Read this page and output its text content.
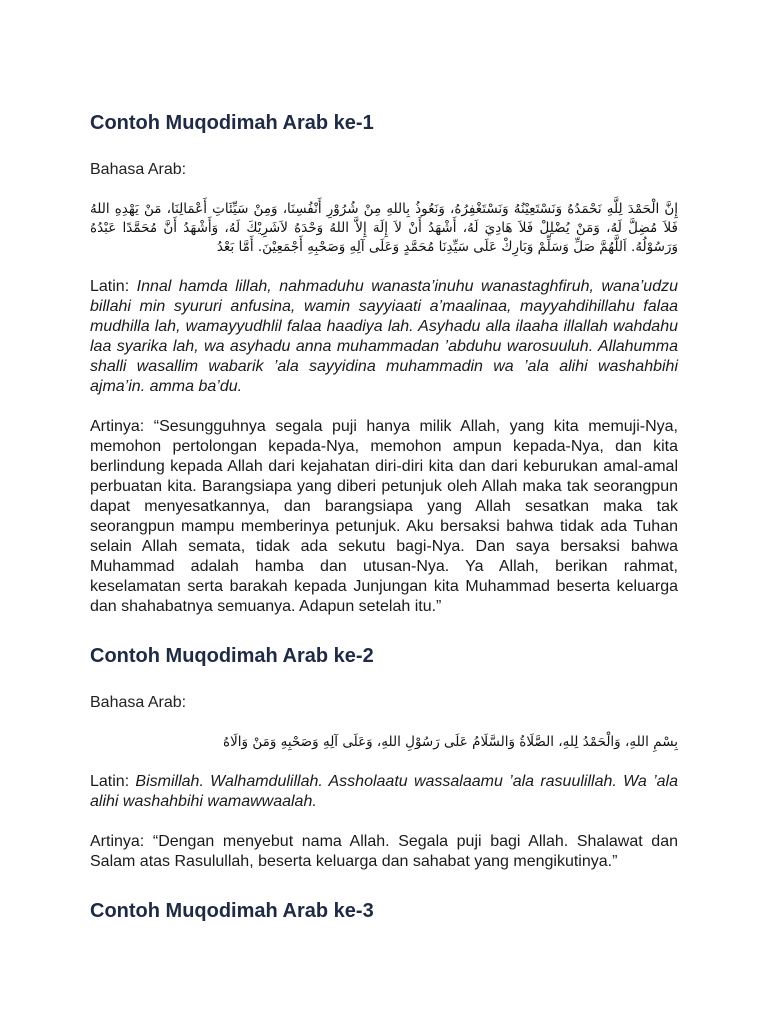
Contoh Muqodimah Arab ke-1

Bahasa Arab:

إِنَّ الْحَمْدَ لِلَّهِ نَحْمَدُهُ وَنَسْتَعِيْنُهُ وَنَسْتَغْفِرُهُ، وَنَعُوذُ بِاللهِ مِنْ شُرُوْرِ أَنْفُسِنَا، وَمِنْ سَيِّئَاتِ أَعْمَالِنَا، مَنْ يَهْدِهِ اللهُ فَلاَ مُضِلَّ لَهُ، وَمَنْ يُضْلِلْ فَلاَ هَادِيَ لَهُ، أَشْهَدُ أَنْ لاَ إِلَهَ إِلاَّ اللهُ وَحْدَهُ لاَشَرِيْكَ لَهُ، وَأَشْهَدُ أَنَّ مُحَمَّدًا عَبْدُهُ وَرَسُوْلُهُ. اَللَّهُمَّ صَلِّ وَسَلِّمْ وَبَارِكْ عَلَى سَيِّدِنَا مُحَمَّدٍ وَعَلَى آلِهِ وَصَحْبِهِ أَجْمَعِيْنَ. أَمَّا بَعْدُ

Latin: Innal hamda lillah, nahmaduhu wanasta’inuhu wanastaghfiruh, wana’udzu billahi min syururi anfusina, wamin sayyiaati a’maalinaa, mayyahdihillahu falaa mudhilla lah, wamayyudhlil falaa haadiya lah. Asyhadu alla ilaaha illallah wahdahu laa syarika lah, wa asyhadu anna muhammadan ’abduhu warosuuluh. Allahumma shalli wasallim wabarik ’ala sayyidina muhammadin wa ’ala alihi washahbihi ajma’in. amma ba’du.

Artinya: “Sesungguhnya segala puji hanya milik Allah, yang kita memuji-Nya, memohon pertolongan kepada-Nya, memohon ampun kepada-Nya, dan kita berlindung kepada Allah dari kejahatan diri-diri kita dan dari keburukan amal-amal perbuatan kita. Barangsiapa yang diberi petunjuk oleh Allah maka tak seorangpun dapat menyesatkannya, dan barangsiapa yang Allah sesatkan maka tak seorangpun mampu memberinya petunjuk. Aku bersaksi bahwa tidak ada Tuhan selain Allah semata, tidak ada sekutu bagi-Nya. Dan saya bersaksi bahwa Muhammad adalah hamba dan utusan-Nya. Ya Allah, berikan rahmat, keselamatan serta barakah kepada Junjungan kita Muhammad beserta keluarga dan shahabatnya semuanya. Adapun setelah itu.”

Contoh Muqodimah Arab ke-2

Bahasa Arab:

بِسْمِ اللهِ، وَالْحَمْدُ لِلهِ، الصَّلَاةُ وَالسَّلَامُ عَلَى رَسُوْلِ اللهِ، وَعَلَى آلِهِ وَصَحْبِهِ وَمَنْ وَالَاهُ

Latin: Bismillah. Walhamdulillah. Assholaatu wassalaamu ’ala rasuulillah. Wa ’ala alihi washahbihi wamawwaalah.

Artinya: “Dengan menyebut nama Allah. Segala puji bagi Allah. Shalawat dan Salam atas Rasulullah, beserta keluarga dan sahabat yang mengikutinya.”

Contoh Muqodimah Arab ke-3
